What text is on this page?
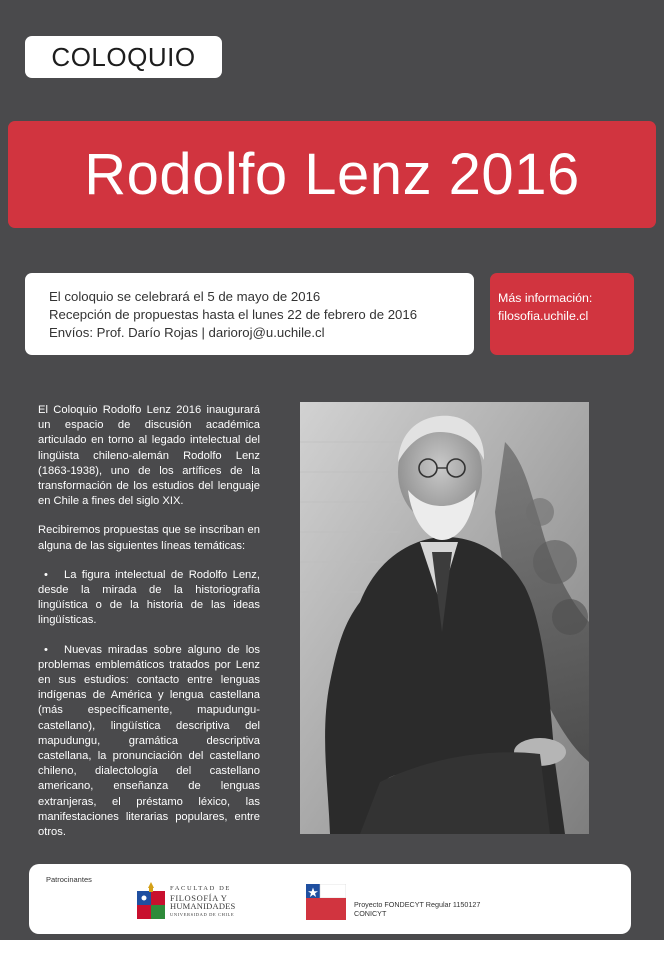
COLOQUIO
Rodolfo Lenz 2016
El coloquio se celebrará el 5 de mayo de 2016
Recepción de propuestas hasta el lunes 22 de febrero de 2016
Envíos: Prof. Darío Rojas | darioroj@u.uchile.cl
Más información:
filosofia.uchile.cl

El Coloquio Rodolfo Lenz 2016 inaugurará un espacio de discusión académica articulado en torno al legado intelectual del lingüista chileno-alemán Rodolfo Lenz (1863-1938), uno de los artífices de la transformación de los estudios del lenguaje en Chile a fines del siglo XIX.

Recibiremos propuestas que se inscriban en alguna de las siguientes líneas temáticas:

• La figura intelectual de Rodolfo Lenz, desde la mirada de la historiografía lingüística o de la historia de las ideas lingüísticas.
• Nuevas miradas sobre alguno de los problemas emblemáticos tratados por Lenz en sus estudios: contacto entre lenguas indígenas de América y lengua castellana (más específicamente, mapudungu-castellano), lingüística descriptiva del mapudungu, gramática descriptiva castellana, la pronunciación del castellano chileno, dialectología del castellano americano, enseñanza de lenguas extranjeras, el préstamo léxico, las manifestaciones literarias populares, entre otros.
Patrocinantes
FACULTAD DE
FILOSOFÍA Y
HUMANIDADES
UNIVERSIDAD DE CHILE
Proyecto FONDECYT Regular 1150127
CONICYT
